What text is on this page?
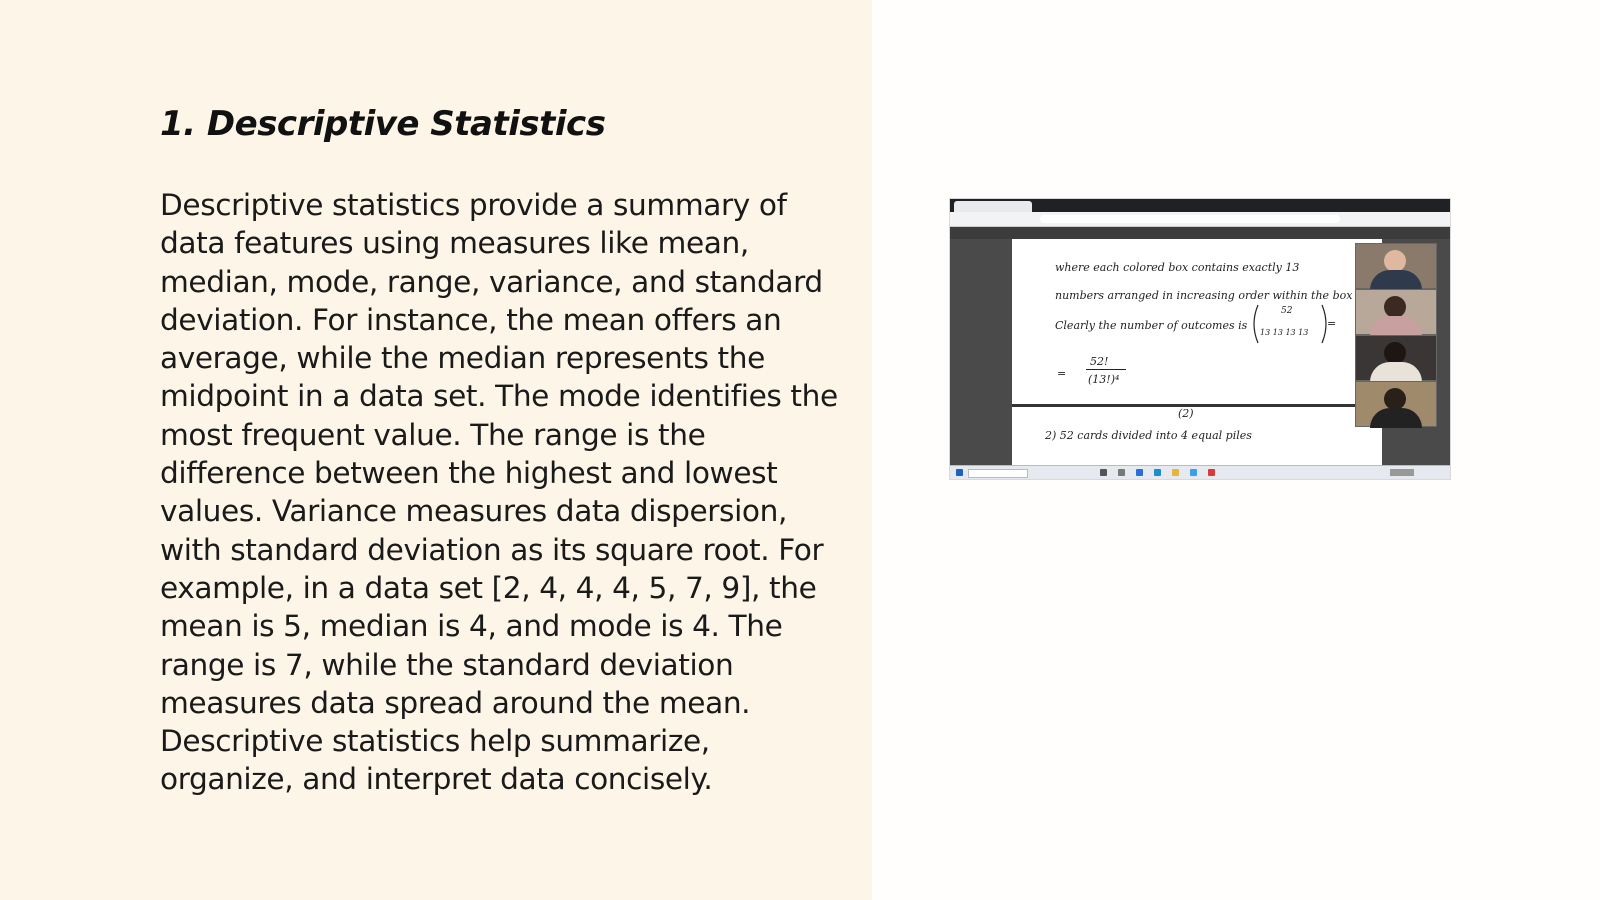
1. Descriptive Statistics

Descriptive statistics provide a summary of data features using measures like mean, median, mode, range, variance, and standard deviation. For instance, the mean offers an average, while the median represents the midpoint in a data set. The mode identifies the most frequent value. The range is the difference between the highest and lowest values. Variance measures data dispersion, with standard deviation as its square root. For example, in a data set [2, 4, 4, 4, 5, 7, 9], the mean is 5, median is 4, and mode is 4. The range is 7, while the standard deviation measures data spread around the mean. Descriptive statistics help summarize, organize, and interpret data concisely.

where each colored box contains exactly 13
numbers arranged in increasing order within the box
Clearly the number of outcomes is
52
13 13 13 13
=
=
52!
(13!)⁴
(2)
2) 52 cards divided into 4 equal piles
